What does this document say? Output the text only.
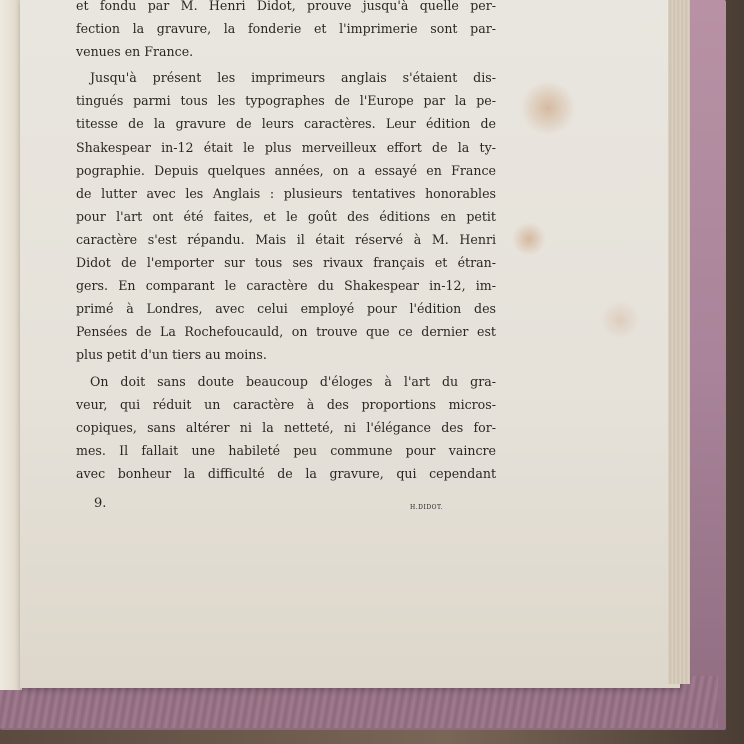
et fondu par M. Henri Didot, prouve jusqu'à quelle per-
fection la gravure, la fonderie et l'imprimerie sont par-
venues en France.
Jusqu'à présent les imprimeurs anglais s'étaient dis-
tingués parmi tous les typographes de l'Europe par la pe-
titesse de la gravure de leurs caractères. Leur édition de
Shakespear in-12 était le plus merveilleux effort de la ty-
pographie. Depuis quelques années, on a essayé en France
de lutter avec les Anglais : plusieurs tentatives honorables
pour l'art ont été faites, et le goût des éditions en petit
caractère s'est répandu. Mais il était réservé à M. Henri
Didot de l'emporter sur tous ses rivaux français et étran-
gers. En comparant le caractère du Shakespear in-12, im-
primé à Londres, avec celui employé pour l'édition des
Pensées de La Rochefoucauld, on trouve que ce dernier est
plus petit d'un tiers au moins.
On doit sans doute beaucoup d'éloges à l'art du gra-
veur, qui réduit un caractère à des proportions micros-
copiques, sans altérer ni la netteté, ni l'élégance des for-
mes. Il fallait une habileté peu commune pour vaincre
avec bonheur la difficulté de la gravure, qui cependant
9.	H.DIDOT.
